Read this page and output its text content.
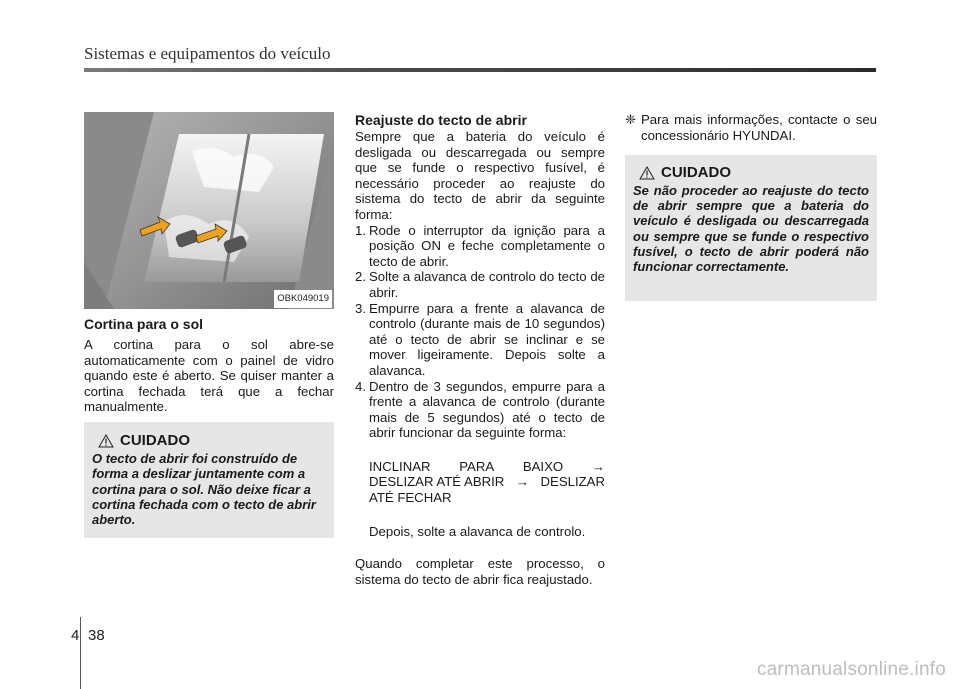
Sistemas e equipamentos do veículo
OBK049019
Cortina para o sol

A cortina para o sol abre-se automaticamente com o painel de vidro quando este é aberto. Se quiser manter a cortina fechada terá que a fechar manualmente.

CUIDADO
O tecto de abrir foi construído de forma a deslizar juntamente com a cortina para o sol. Não deixe ficar a cortina fechada com o tecto de abrir aberto.
Reajuste do tecto de abrir

Sempre que a bateria do veículo é desligada ou descarregada ou sempre que se funde o respectivo fusível, é necessário proceder ao reajuste do sistema do tecto de abrir da seguinte forma:

1. Rode o interruptor da ignição para a posição ON e feche completamente o tecto de abrir.
2. Solte a alavanca de controlo do tecto de abrir.
3. Empurre para a frente a alavanca de controlo (durante mais de 10 segundos) até o tecto de abrir se inclinar e se mover ligeiramente. Depois solte a alavanca.
4. Dentro de 3 segundos, empurre para a frente a alavanca de controlo (durante mais de 5 segundos) até o tecto de abrir funcionar da seguinte forma:
INCLINAR PARA BAIXO →
DESLIZAR ATÉ ABRIR → DESLIZAR
ATÉ FECHAR

Depois, solte a alavanca de controlo.

Quando completar este processo, o sistema do tecto de abrir fica reajustado.

❈ Para mais informações, contacte o seu concessionário HYUNDAI.
CUIDADO
Se não proceder ao reajuste do tecto de abrir sempre que a bateria do veículo é desligada ou descarregada ou sempre que se funde o respectivo fusível, o tecto de abrir poderá não funcionar correctamente.
4 38
carmanualsonline.info
